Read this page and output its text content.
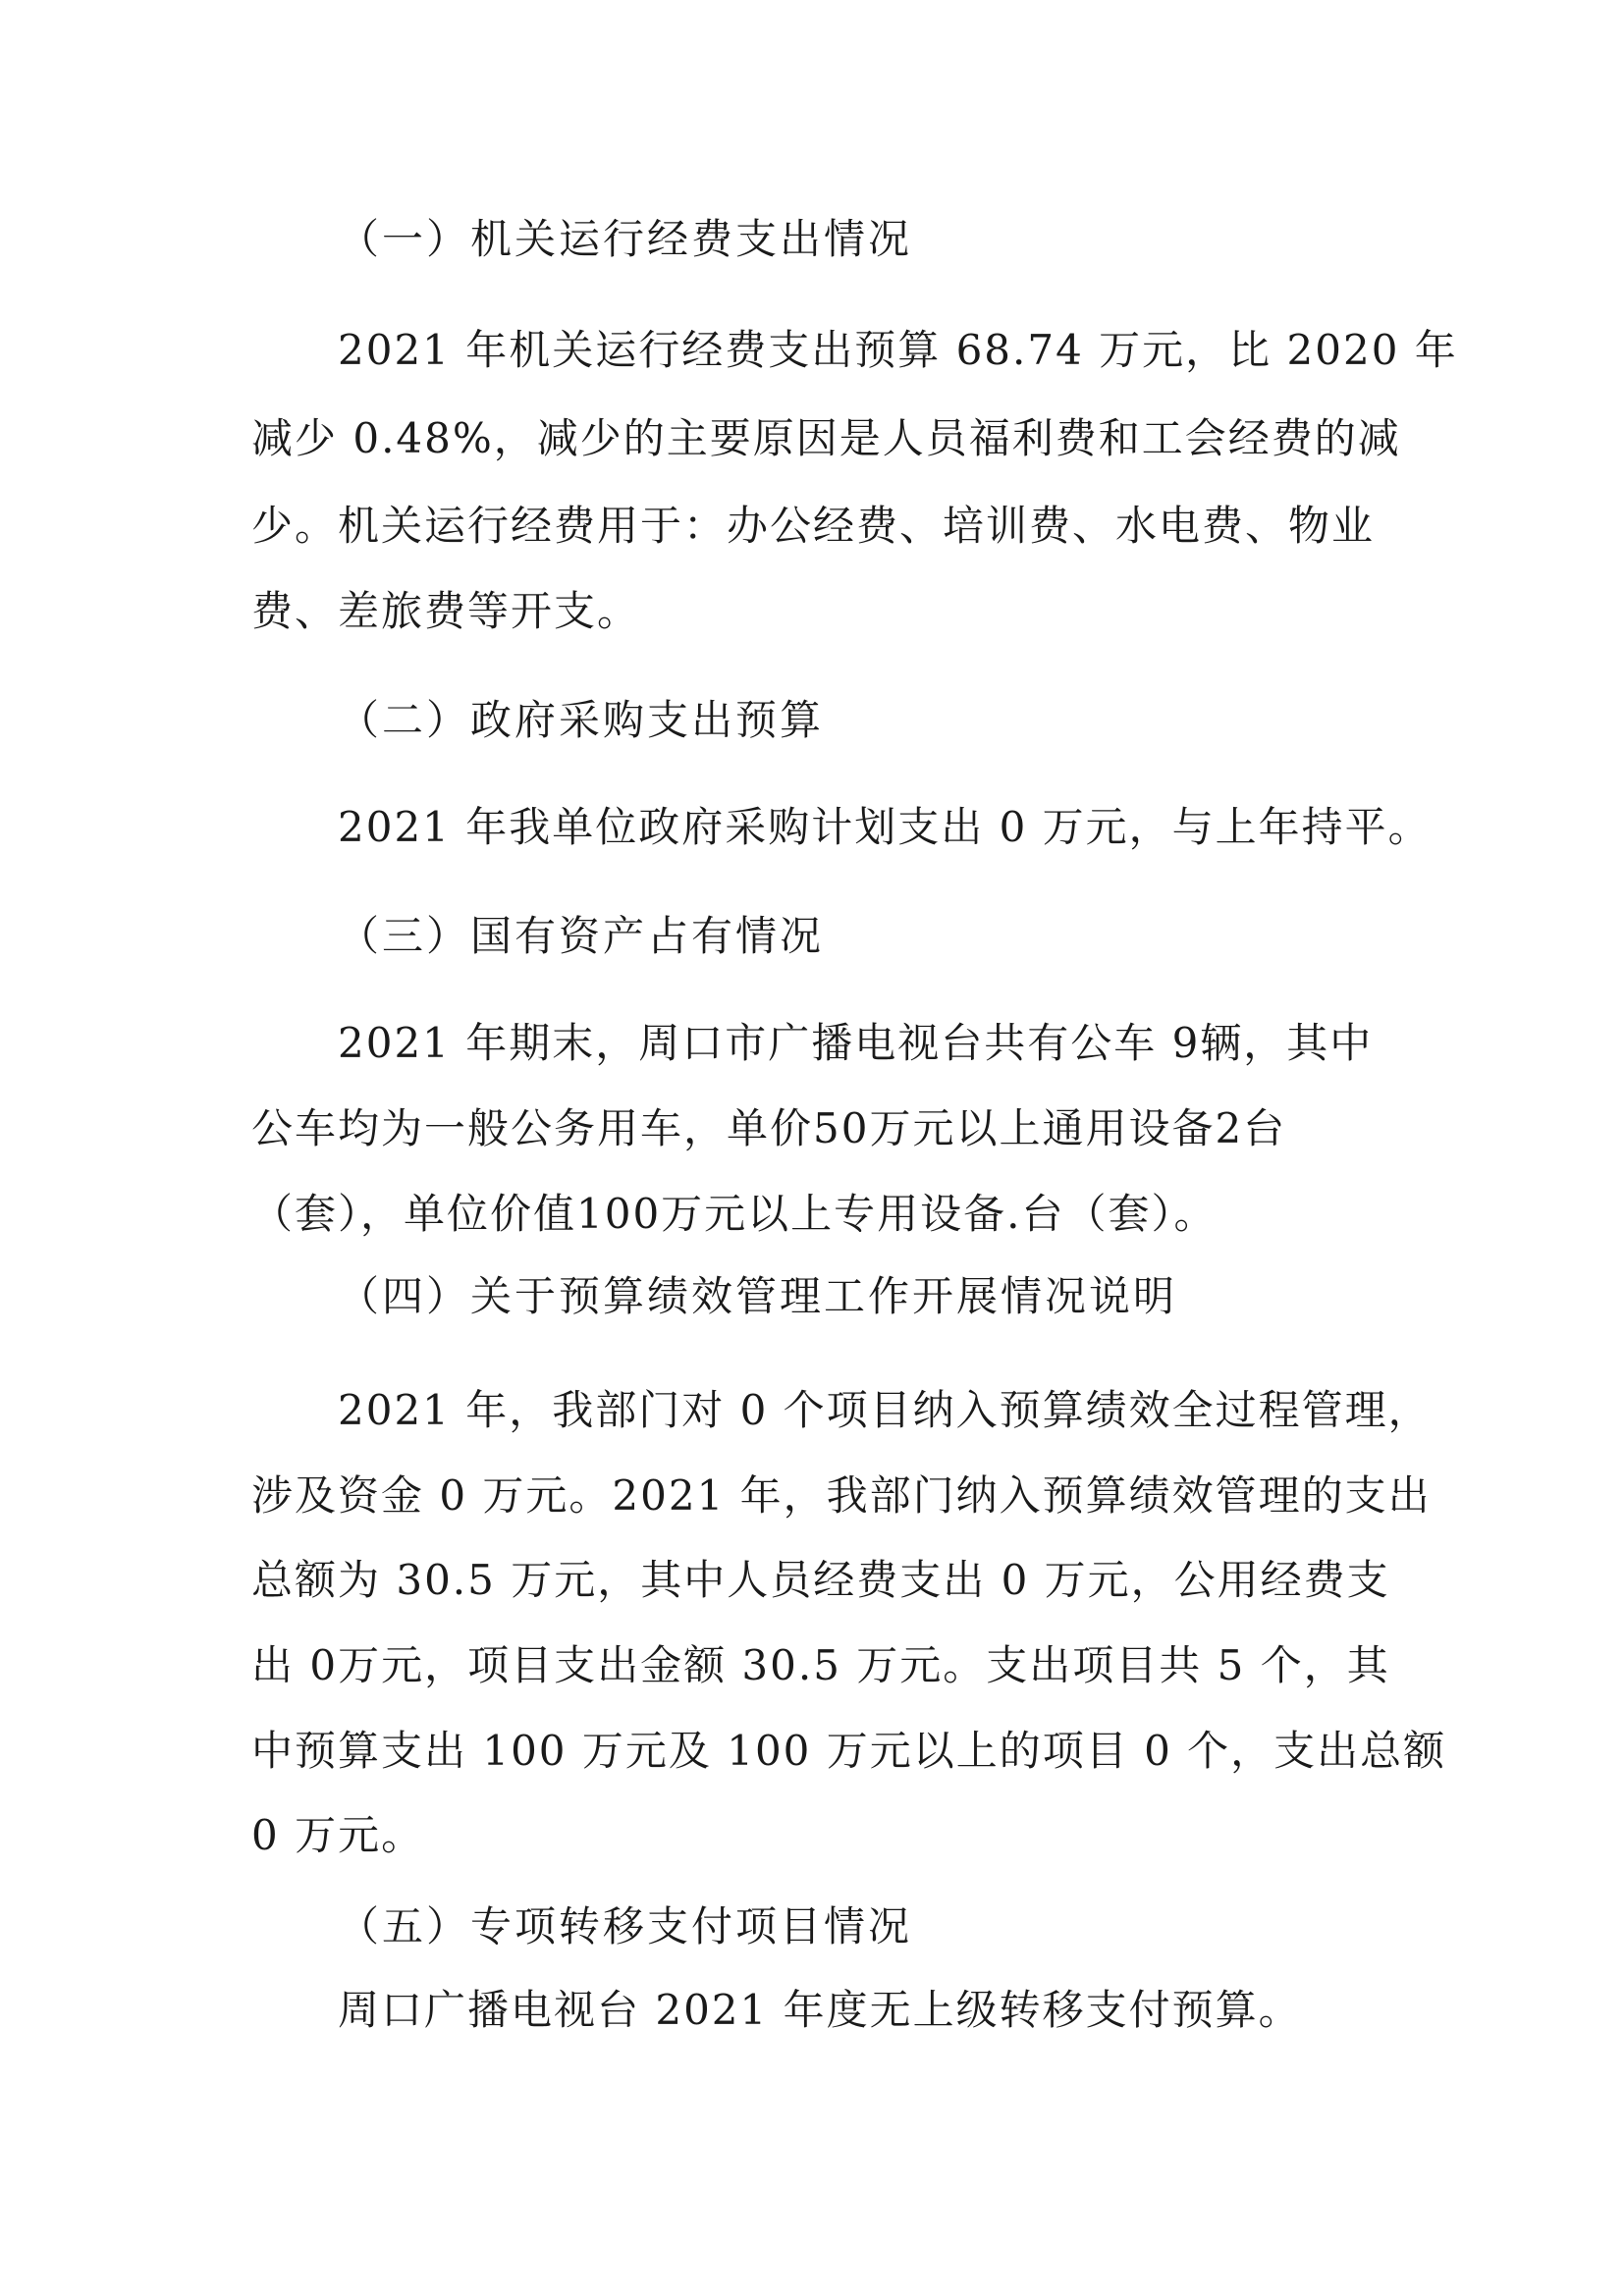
（一）机关运行经费支出情况

2021 年机关运行经费支出预算 68.74 万元，比 2020 年

减少 0.48%，减少的主要原因是人员福利费和工会经费的减

少。机关运行经费用于：办公经费、培训费、水电费、物业

费、差旅费等开支。

（二）政府采购支出预算

2021 年我单位政府采购计划支出 0 万元，与上年持平。

（三）国有资产占有情况

2021 年期末，周口市广播电视台共有公车 9辆，其中

公车均为一般公务用车，单价50万元以上通用设备2台

（套），单位价值100万元以上专用设备.台（套）。

（四）关于预算绩效管理工作开展情况说明

2021 年，我部门对 0 个项目纳入预算绩效全过程管理，

涉及资金 0 万元。2021 年，我部门纳入预算绩效管理的支出

总额为 30.5 万元，其中人员经费支出 0 万元，公用经费支

出 0万元，项目支出金额 30.5 万元。支出项目共 5 个，其

中预算支出 100 万元及 100 万元以上的项目 0 个，支出总额

0 万元。

（五）专项转移支付项目情况

周口广播电视台 2021 年度无上级转移支付预算。
